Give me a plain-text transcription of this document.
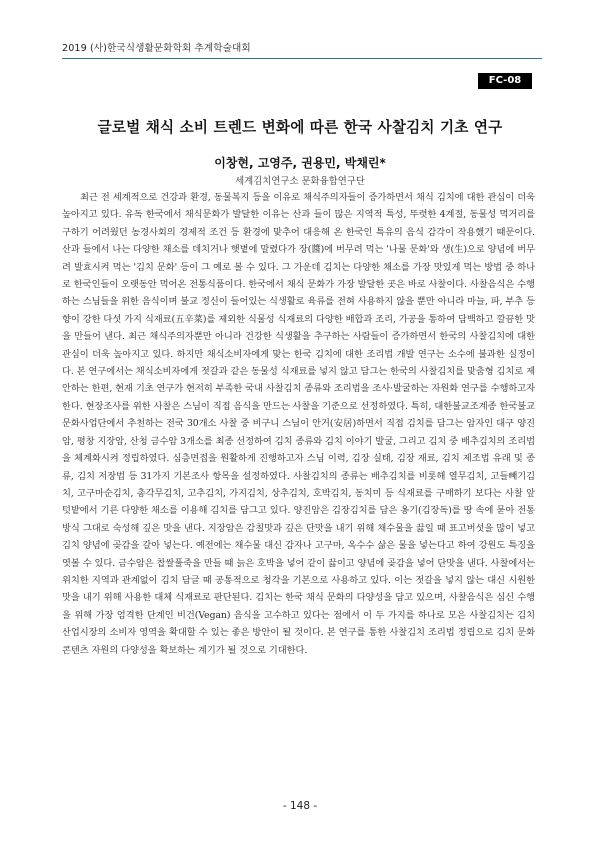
2019 (사)한국식생활문화학회 추계학술대회
FC-08
글로벌 채식 소비 트렌드 변화에 따른 한국 사찰김치 기초 연구
이창현, 고영주, 권용민, 박채린*
세계김치연구소 문화융합연구단

최근 전 세계적으로 건강과 환경, 동물복지 등을 이유로 채식주의자들이 증가하면서 채식 김치에 대한 관심이 더욱 높아지고 있다. 유독 한국에서 채식문화가 발달한 이유는 산과 들이 많은 지역적 특성, 뚜렷한 4계절, 동물성 먹거리를 구하기 어려웠던 농경사회의 경제적 조건 등 환경에 맞추어 대응해 온 한국인 특유의 음식 감각이 작용했기 때문이다. 산과 들에서 나는 다양한 채소를 데치거나 햇볕에 말렸다가 장(醬)에 버무려 먹는 '나물 문화'와 생(生)으로 양념에 버무려 발효시켜 먹는 '김치 문화' 등이 그 예로 볼 수 있다. 그 가운데 김치는 다양한 채소를 가장 맛있게 먹는 방법 중 하나로 한국인들이 오랫동안 먹어온 전통식품이다. 한국에서 채식 문화가 가장 발달한 곳은 바로 사찰이다. 사찰음식은 수행하는 스님들을 위한 음식이며 불교 정신이 들어있는 식생활로 육류를 전혀 사용하지 않을 뿐만 아니라 마늘, 파, 부추 등 향이 강한 다섯 가지 식재료(五辛菜)를 제외한 식물성 식재료의 다양한 배합과 조리, 가공을 통하여 담백하고 깔끔한 맛을 만들어 낸다. 최근 채식주의자뿐만 아니라 건강한 식생활을 추구하는 사람들이 증가하면서 한국의 사찰김치에 대한 관심이 더욱 높아지고 있다. 하지만 채식소비자에게 맞는 한국 김치에 대한 조리법 개발 연구는 소수에 불과한 실정이다. 본 연구에서는 채식소비자에게 젓갈과 같은 동물성 식재료를 넣지 않고 담그는 한국의 사찰김치를 맞춤형 김치로 제안하는 한편, 현재 기초 연구가 현저히 부족한 국내 사찰김치 종류와 조리법을 조사·발굴하는 자원화 연구를 수행하고자 한다. 현장조사를 위한 사찰은 스님이 직접 음식을 만드는 사찰을 기준으로 선정하였다. 특히, 대한불교조계종 한국불교문화사업단에서 추천하는 전국 30개소 사찰 중 비구니 스님이 안거(安居)하면서 직접 김치를 담그는 암자인 대구 양진암, 평창 지장암, 산청 금수암 3개소를 최종 선정하여 김치 종류와 김치 이야기 발굴, 그리고 김치 중 배추김치의 조리법을 체계화시켜 정립하였다. 심층면접을 원활하게 진행하고자 스님 이력, 김장 실태, 김장 재료, 김치 제조법 유래 및 종류, 김치 저장법 등 31가지 기본조사 항목을 설정하였다. 사찰김치의 종류는 배추김치를 비롯해 열무김치, 고들빼기김치, 고구마순김치, 총각무김치, 고추김치, 가지김치, 상추김치, 호박김치, 동치미 등 식재료를 구매하기 보다는 사찰 앞 텃밭에서 기른 다양한 채소를 이용해 김치를 담그고 있다. 양진암은 김장김치를 담은 옹기(김장독)를 땅 속에 묻아 전통 방식 그대로 숙성해 깊은 맛을 낸다. 지장암은 감칠맛과 깊은 단맛을 내기 위해 채수물을 끓일 때 표고버섯을 많이 넣고 김치 양념에 곶감을 갈아 넣는다. 예전에는 채수물 대신 감자나 고구마, 옥수수 삶은 물을 넣는다고 하여 강원도 특징을 엿볼 수 있다. 금수암은 찹쌀풀죽을 만들 때 늙은 호박을 넣어 같이 끓이고 양념에 곶감을 넣어 단맛을 낸다. 사찰에서는 위치한 지역과 관계없이 김치 담글 때 공통적으로 청각을 기본으로 사용하고 있다. 이는 젓갈을 넣지 않는 대신 시원한 맛을 내기 위해 사용한 대체 식재료로 판단된다. 김치는 한국 채식 문화의 다양성을 담고 있으며, 사찰음식은 심신 수행을 위해 가장 엄격한 단계인 비건(Vegan) 음식을 고수하고 있다는 점에서 이 두 가지를 하나로 모은 사찰김치는 김치 산업시장의 소비자 영역을 확대할 수 있는 좋은 방안이 될 것이다. 본 연구를 통한 사찰김치 조리법 정립으로 김치 문화 콘텐츠 자원의 다양성을 확보하는 계기가 될 것으로 기대한다.

- 148 -
